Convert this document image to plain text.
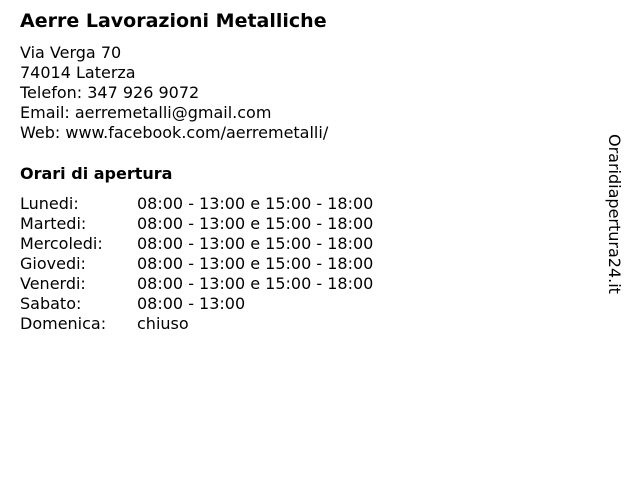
Aerre Lavorazioni Metalliche
Via Verga 70
74014 Laterza
Telefon: 347 926 9072
Email: aerremetalli@gmail.com
Web: www.facebook.com/aerremetalli/
Orari di apertura
Lunedi:	08:00 - 13:00 e 15:00 - 18:00
Martedi:	08:00 - 13:00 e 15:00 - 18:00
Mercoledi: 08:00 - 13:00 e 15:00 - 18:00
Giovedi:	08:00 - 13:00 e 15:00 - 18:00
Venerdi:	08:00 - 13:00 e 15:00 - 18:00
Sabato:	08:00 - 13:00
Domenica: chiuso
Oraridiapertura24.it
